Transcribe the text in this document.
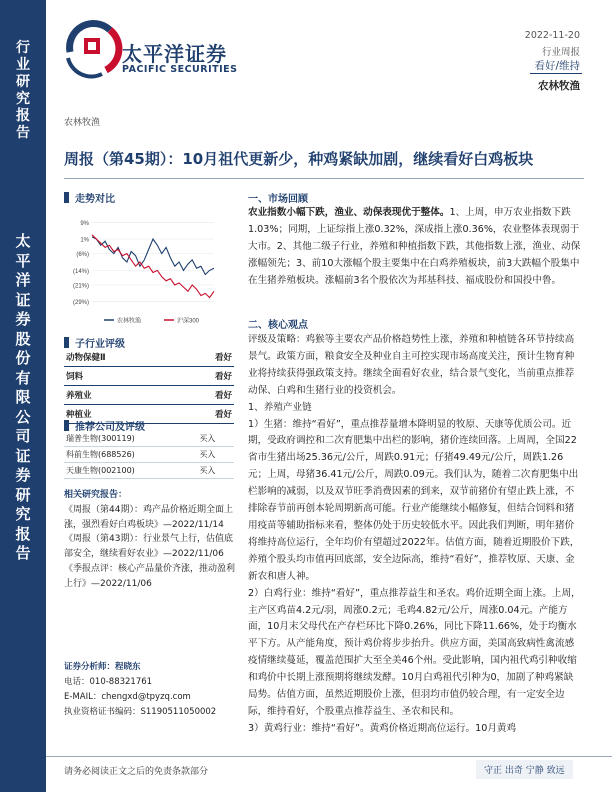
行
业
研
究
报
告
太
平
洋
证
券
股
份
有
限
公
司
证
券
研
究
报
告
太平洋证券
PACIFIC SECURITIES
2022-11-20
行业周报
看好/维持
农林牧渔
农林牧渔
周报（第45期）：10月祖代更新少，种鸡紧缺加剧，继续看好白鸡板块
走势对比
9%
1%
(6%)
(14%)
(21%)
(29%)
农林牧渔	沪深300
子行业评级
动物保健Ⅱ	看好
饲料	看好
养殖业	看好
种植业	看好
推荐公司及评级
瑞普生物(300119)	买入
科前生物(688526)	买入
天康生物(002100)	买入
相关研究报告：
《周报（第44期）：鸡产品价格近期全面上涨，强烈看好白鸡板块》—2022/11/14
《周报（第43期）：行业景气上行，估值底部安全，继续看好农业》—2022/11/06
《季报点评：核心产品量价齐涨，推动盈利上行》—2022/11/06
证券分析师：程晓东
电话：010-88321761
E-MAIL：chengxd@tpyzq.com
执业资格证书编码：S1190511050002
一、市场回顾

农业指数小幅下跌，渔业、动保表现优于整体。1、上周，申万农业指数下跌1.03%；同期，上证综指上涨0.32%，深成指上涨0.36%，农业整体表现弱于大市。2、其他二级子行业，养殖和种植指数下跌，其他指数上涨，渔业、动保涨幅领先；3、前10大涨幅个股主要集中在白鸡养殖板块，前3大跌幅个股集中在生猪养殖板块。涨幅前3名个股依次为邦基科技、福成股份和国投中鲁。

二、核心观点

评级及策略：鸡猴等主要农产品价格趋势性上涨，养殖和种植链各环节持续高景气。政策方面，粮食安全及种业自主可控实现市场高度关注，预计生物育种业将持续获得强政策支持。继续全面看好农业，结合景气变化，当前重点推荐动保、白鸡和生猪行业的投资机会。

1、养殖产业链

1）生猪：维持“看好”，重点推荐量增本降明显的牧原、天康等优质公司。近期，受政府调控和二次育肥集中出栏的影响，猪价连续回落。上周周，全国22省市生猪出场25.36元/公斤，周跌0.91元；仔猪49.49元/公斤，周跌1.26元；上周，母猪36.41元/公斤，周跌0.09元。我们认为，随着二次育肥集中出栏影响的减弱，以及双节旺季消费因素的到来，双节前猪价有望止跌上涨，不排除春节前再创本轮周期新高可能。行业产能继续小幅修复，但结合饲料和猪用疫苗等辅助指标来看，整体仍处于历史较低水平。因此我们判断，明年猪价将维持高位运行，全年均价有望超过2022年。估值方面，随着近期股价下跌，养殖个股头均市值再回底部，安全边际高，维持“看好”，推荐牧原、天康、金新农和唐人神。

2）白鸡行业：维持“看好”，重点推荐益生和圣农。鸡价近期全面上涨。上周，主产区鸡苗4.2元/羽，周涨0.2元；毛鸡4.82元/公斤，周涨0.04元。产能方面，10月末父母代在产存栏环比下降0.26%，同比下降11.66%，处于均衡水平下方。从产能角度，预计鸡价将步步抬升。供应方面，美国高致病性禽流感疫情继续蔓延，覆盖范围扩大至全美46个州。受此影响，国内祖代鸡引种收缩和鸡价中长期上涨预期将继续发酵。10月白鸡祖代引种为0，加剧了种鸡紧缺局势。估值方面，虽然近期股价上涨，但羽均市值仍较合理，有一定安全边际，维持看好，个股重点推荐益生、圣农和民和。

3）黄鸡行业：维持“看好”。黄鸡价格近期高位运行。10月黄鸡

请务必阅读正文之后的免责条款部分	守正 出奇 宁静 致远
